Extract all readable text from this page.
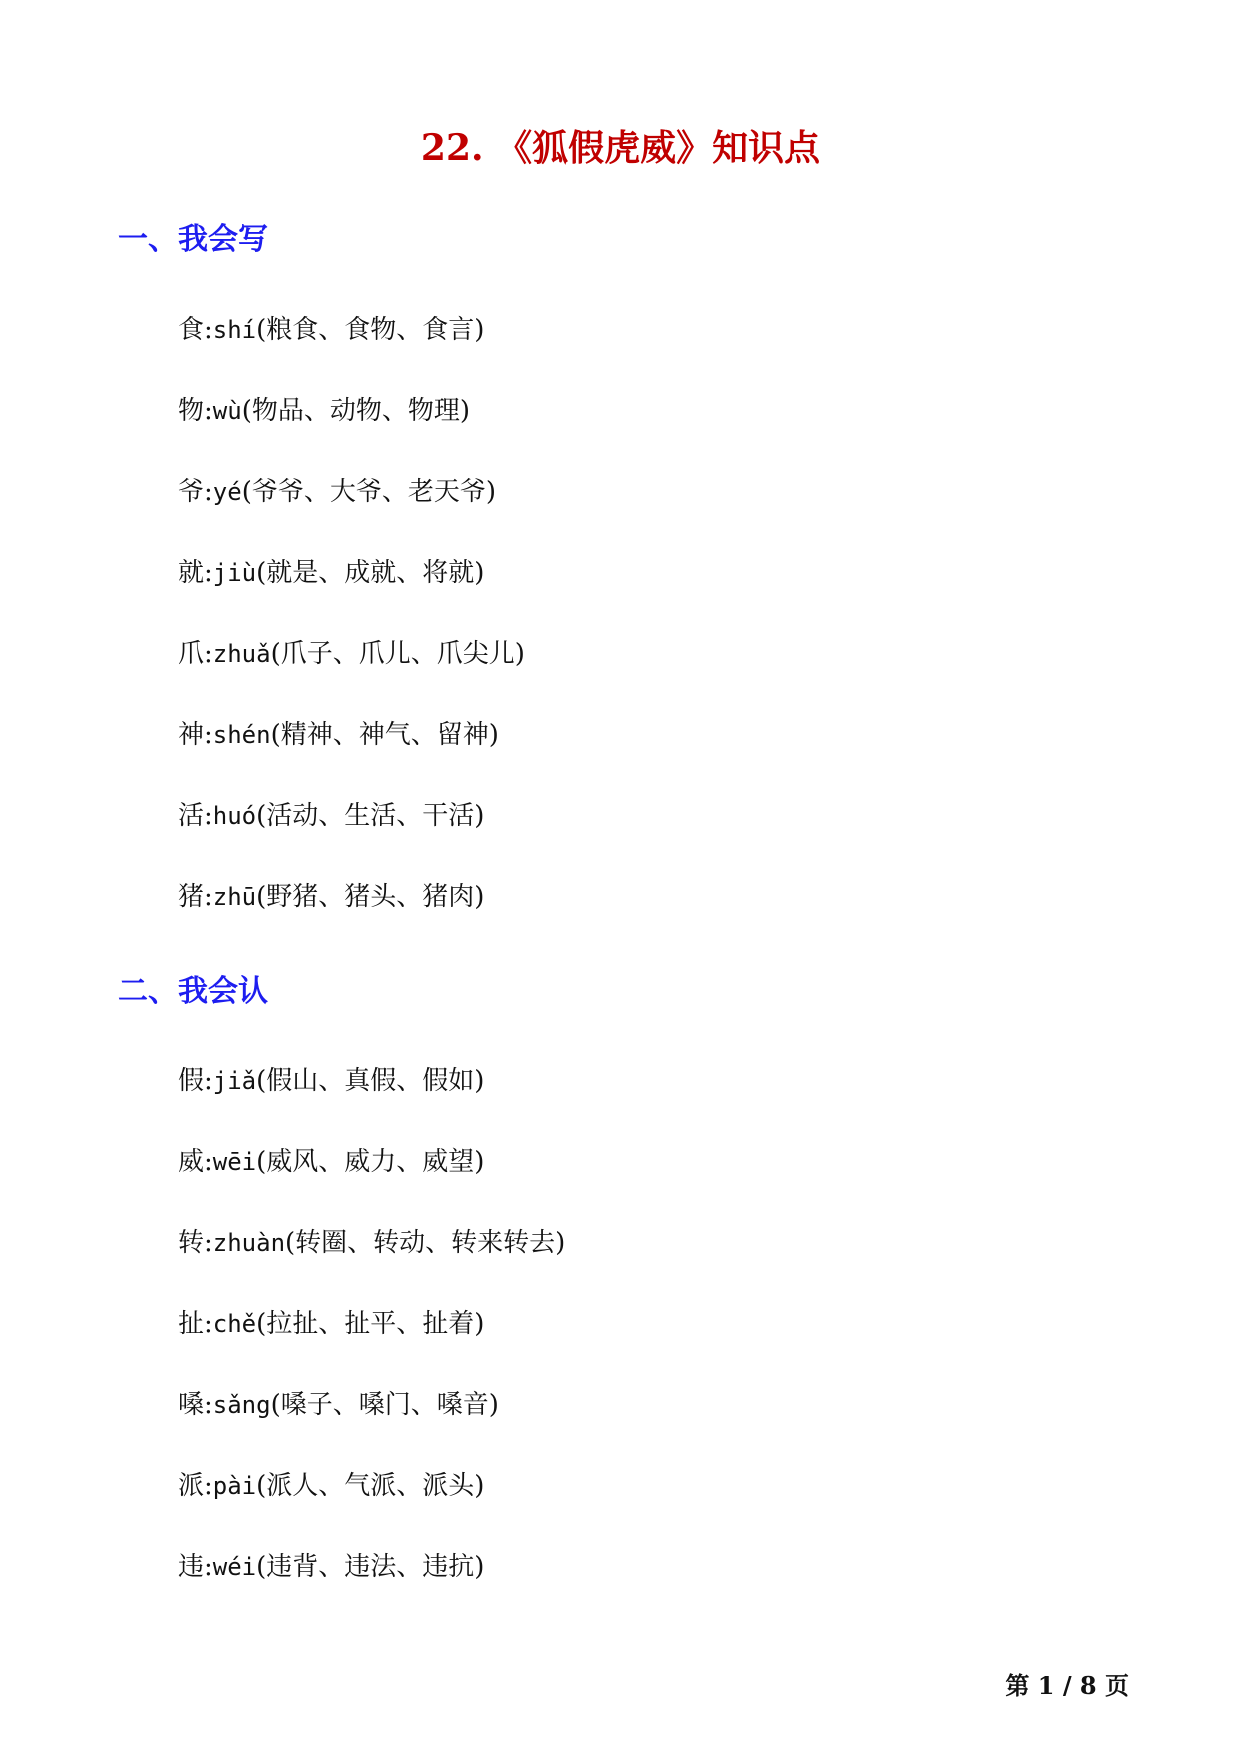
22. 《狐假虎威》知识点
一、我会写
食:shí(粮食、食物、食言)
物:wù(物品、动物、物理)
爷:yé(爷爷、大爷、老天爷)
就:jiù(就是、成就、将就)
爪:zhuǎ(爪子、爪儿、爪尖儿)
神:shén(精神、神气、留神)
活:huó(活动、生活、干活)
猪:zhū(野猪、猪头、猪肉)
二、我会认
假:jiǎ(假山、真假、假如)
威:wēi(威风、威力、威望)
转:zhuàn(转圈、转动、转来转去)
扯:chě(拉扯、扯平、扯着)
嗓:sǎng(嗓子、嗓门、嗓音)
派:pài(派人、气派、派头)
违:wéi(违背、违法、违抗)
第 1 / 8 页
